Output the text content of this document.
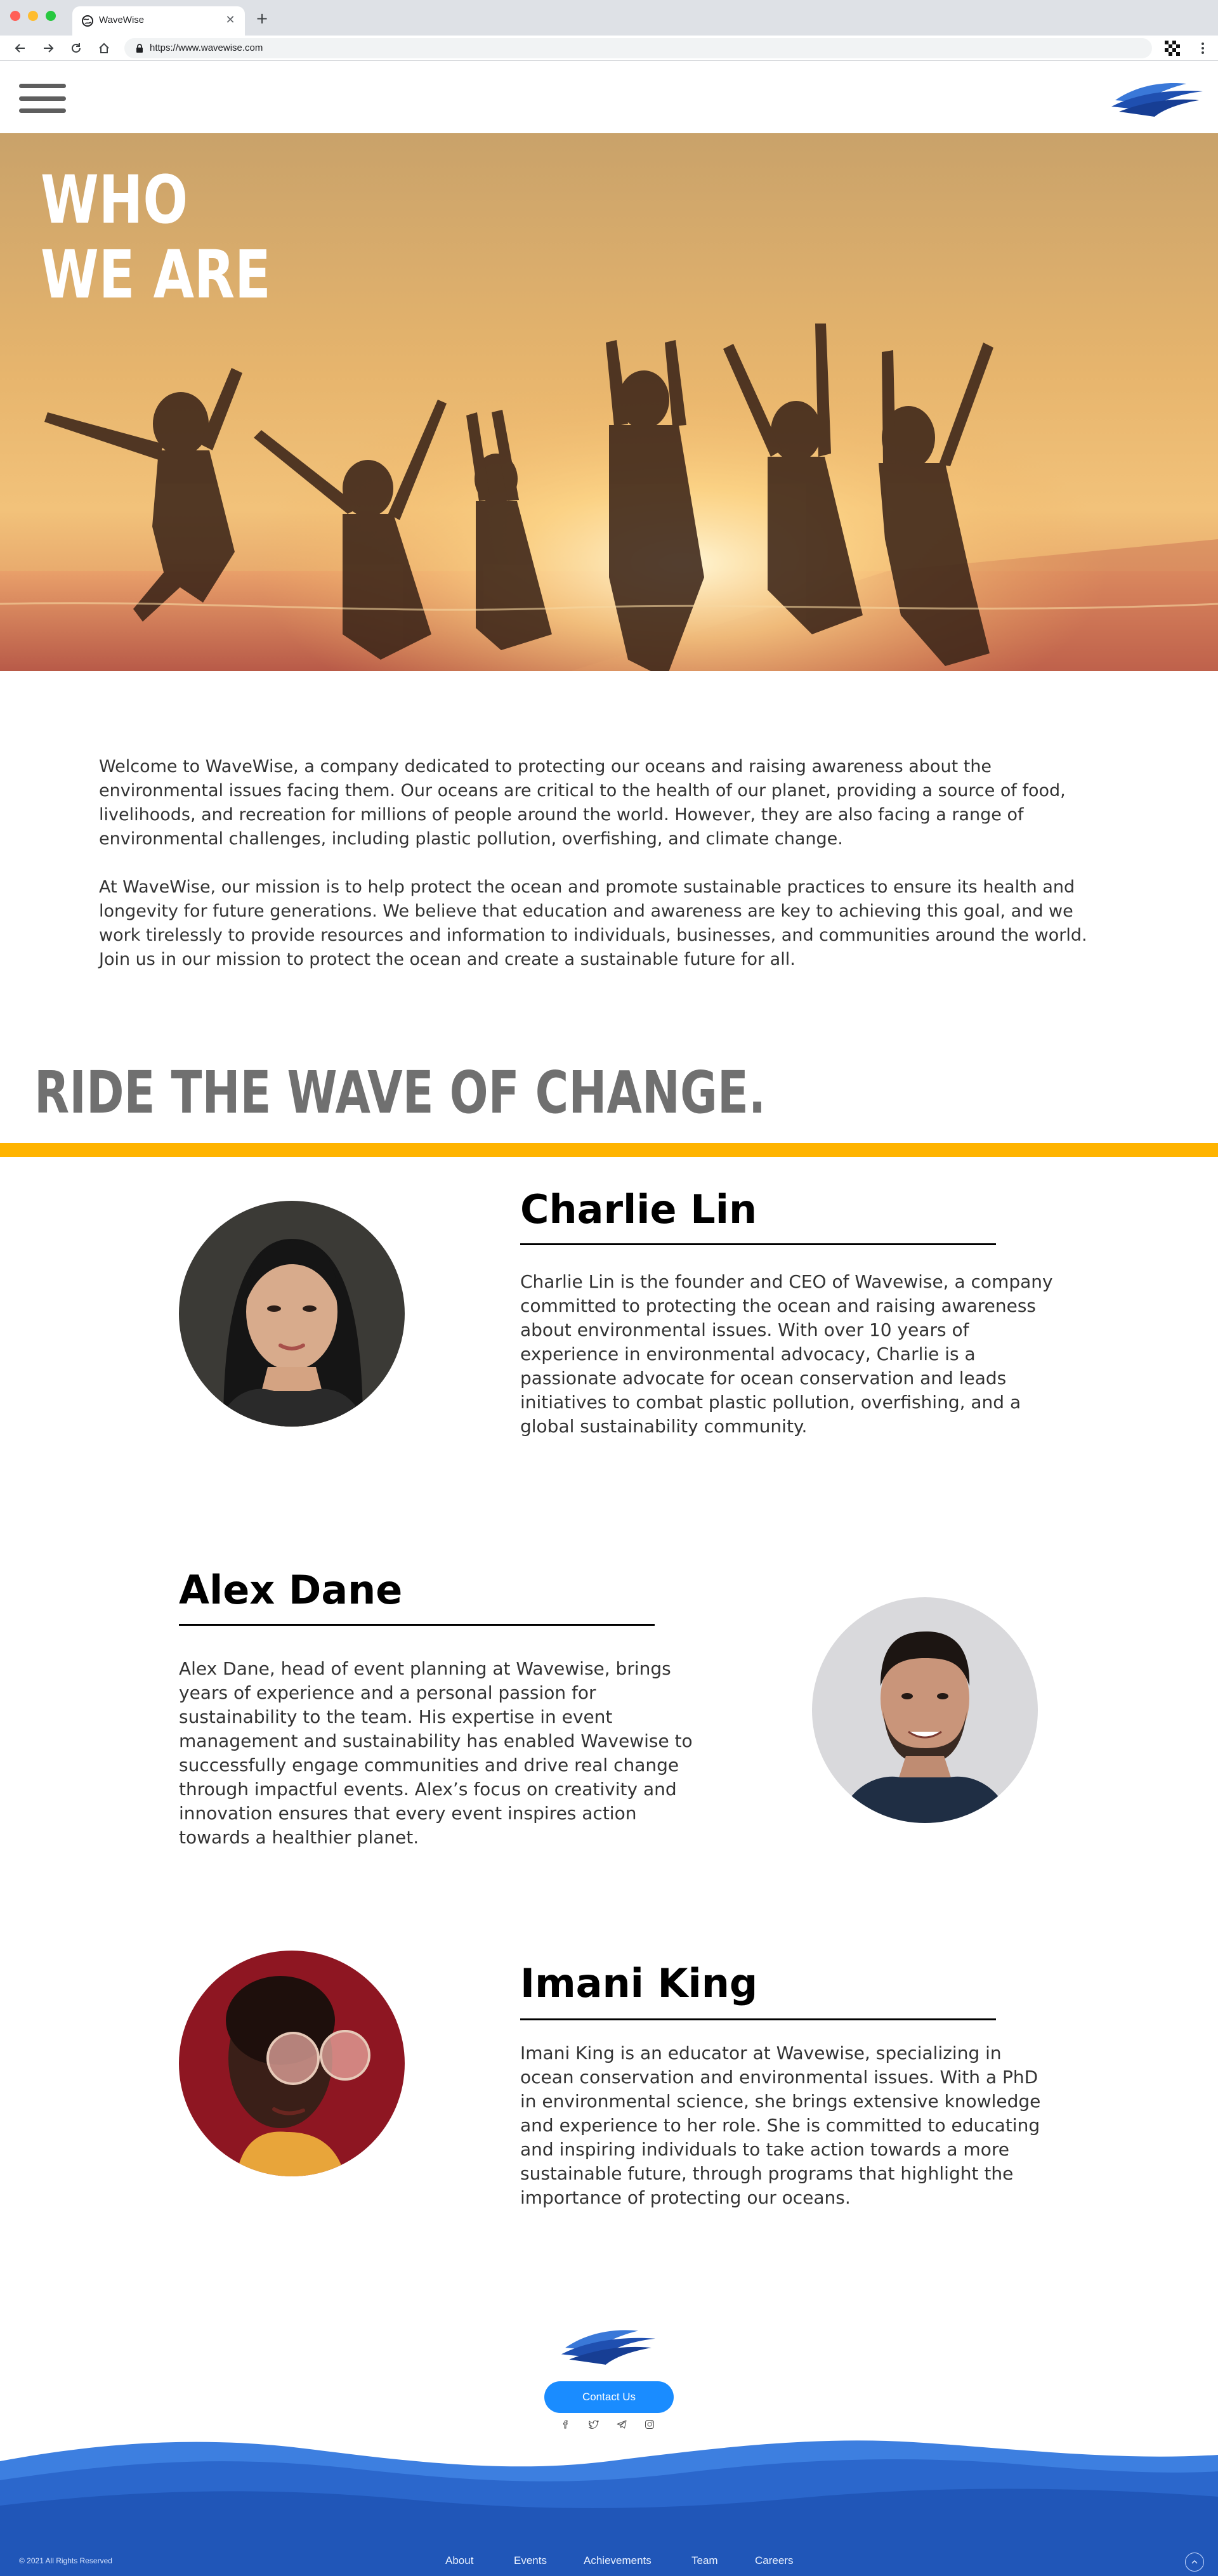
WaveWise	✕ +
https://www.wavewise.com
WHO
WE ARE

Welcome to WaveWise, a company dedicated to protecting our oceans and raising awareness about the environmental issues facing them. Our oceans are critical to the health of our planet, providing a source of food, livelihoods, and recreation for millions of people around the world. However, they are also facing a range of environmental challenges, including plastic pollution, overfishing, and climate change.

At WaveWise, our mission is to help protect the ocean and promote sustainable practices to ensure its health and longevity for future generations. We believe that education and awareness are key to achieving this goal, and we work tirelessly to provide resources and information to individuals, businesses, and communities around the world. Join us in our mission to protect the ocean and create a sustainable future for all.

RIDE THE WAVE OF CHANGE.
Charlie Lin

Charlie Lin is the founder and CEO of Wavewise, a company committed to protecting the ocean and raising awareness about environmental issues. With over 10 years of experience in environmental advocacy, Charlie is a passionate advocate for ocean conservation and leads initiatives to combat plastic pollution, overfishing, and a global sustainability community.

Alex Dane

Alex Dane, head of event planning at Wavewise, brings years of experience and a personal passion for sustainability to the team. His expertise in event management and sustainability has enabled Wavewise to successfully engage communities and drive real change through impactful events. Alex’s focus on creativity and innovation ensures that every event inspires action towards a healthier planet.

Imani King

Imani King is an educator at Wavewise, specializing in ocean conservation and environmental issues. With a PhD in environmental science, she brings extensive knowledge and experience to her role. She is committed to educating and inspiring individuals to take action towards a more sustainable future, through programs that highlight the importance of protecting our oceans.

Contact Us
© 2021 All Rights Reserved	About	Events	Achievements	Team	Careers
